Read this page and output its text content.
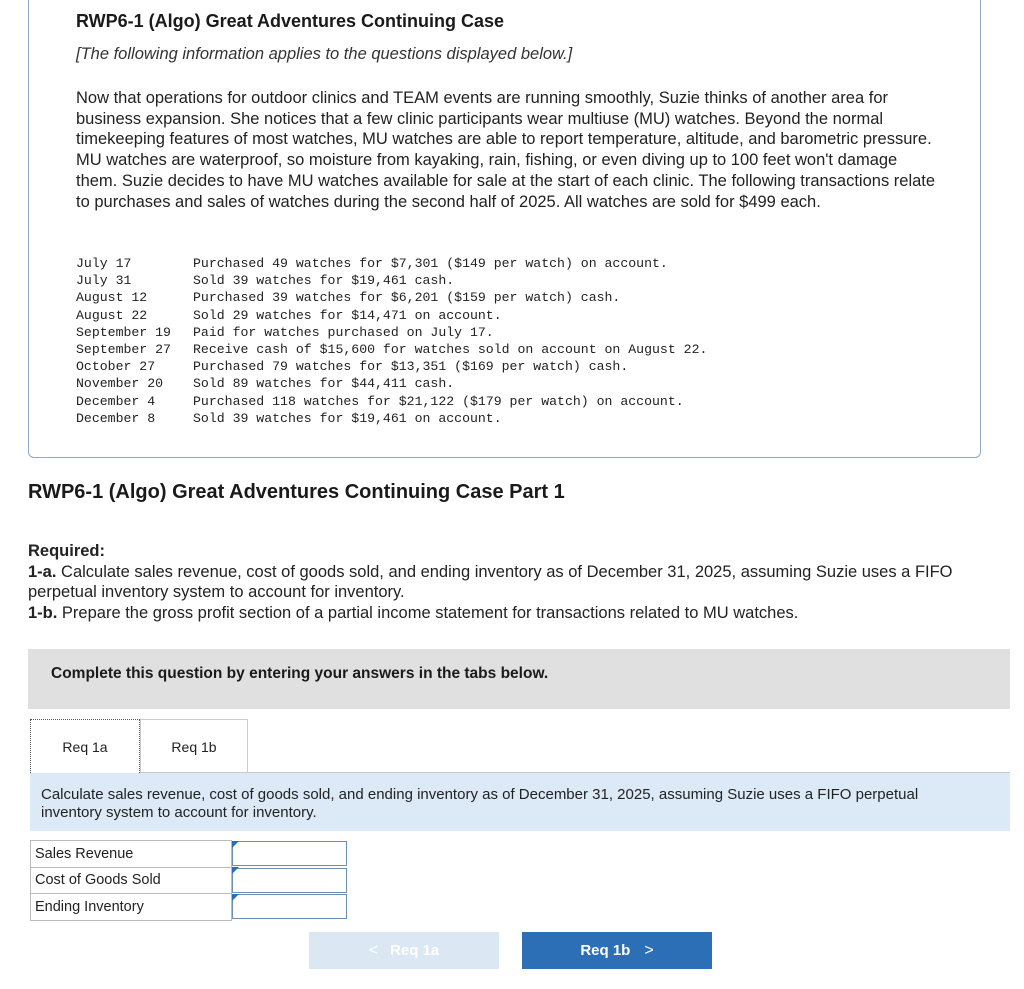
RWP6-1 (Algo) Great Adventures Continuing Case
[The following information applies to the questions displayed below.]
Now that operations for outdoor clinics and TEAM events are running smoothly, Suzie thinks of another area for business expansion. She notices that a few clinic participants wear multiuse (MU) watches. Beyond the normal timekeeping features of most watches, MU watches are able to report temperature, altitude, and barometric pressure. MU watches are waterproof, so moisture from kayaking, rain, fishing, or even diving up to 100 feet won't damage them. Suzie decides to have MU watches available for sale at the start of each clinic. The following transactions relate to purchases and sales of watches during the second half of 2025. All watches are sold for $499 each.
July 17	Purchased 49 watches for $7,301 ($149 per watch) on account.
July 31	Sold 39 watches for $19,461 cash.
August 12	Purchased 39 watches for $6,201 ($159 per watch) cash.
August 22	Sold 29 watches for $14,471 on account.
September 19	Paid for watches purchased on July 17.
September 27	Receive cash of $15,600 for watches sold on account on August 22.
October 27	Purchased 79 watches for $13,351 ($169 per watch) cash.
November 20	Sold 89 watches for $44,411 cash.
December 4	Purchased 118 watches for $21,122 ($179 per watch) on account.
December 8	Sold 39 watches for $19,461 on account.
RWP6-1 (Algo) Great Adventures Continuing Case Part 1
Required:
1-a. Calculate sales revenue, cost of goods sold, and ending inventory as of December 31, 2025, assuming Suzie uses a FIFO perpetual inventory system to account for inventory.
1-b. Prepare the gross profit section of a partial income statement for transactions related to MU watches.
Complete this question by entering your answers in the tabs below.
Req 1a	Req 1b
Calculate sales revenue, cost of goods sold, and ending inventory as of December 31, 2025, assuming Suzie uses a FIFO perpetual inventory system to account for inventory.
Sales Revenue	

Cost of Goods Sold	

Ending Inventory	
< Req 1a	Req 1b >
